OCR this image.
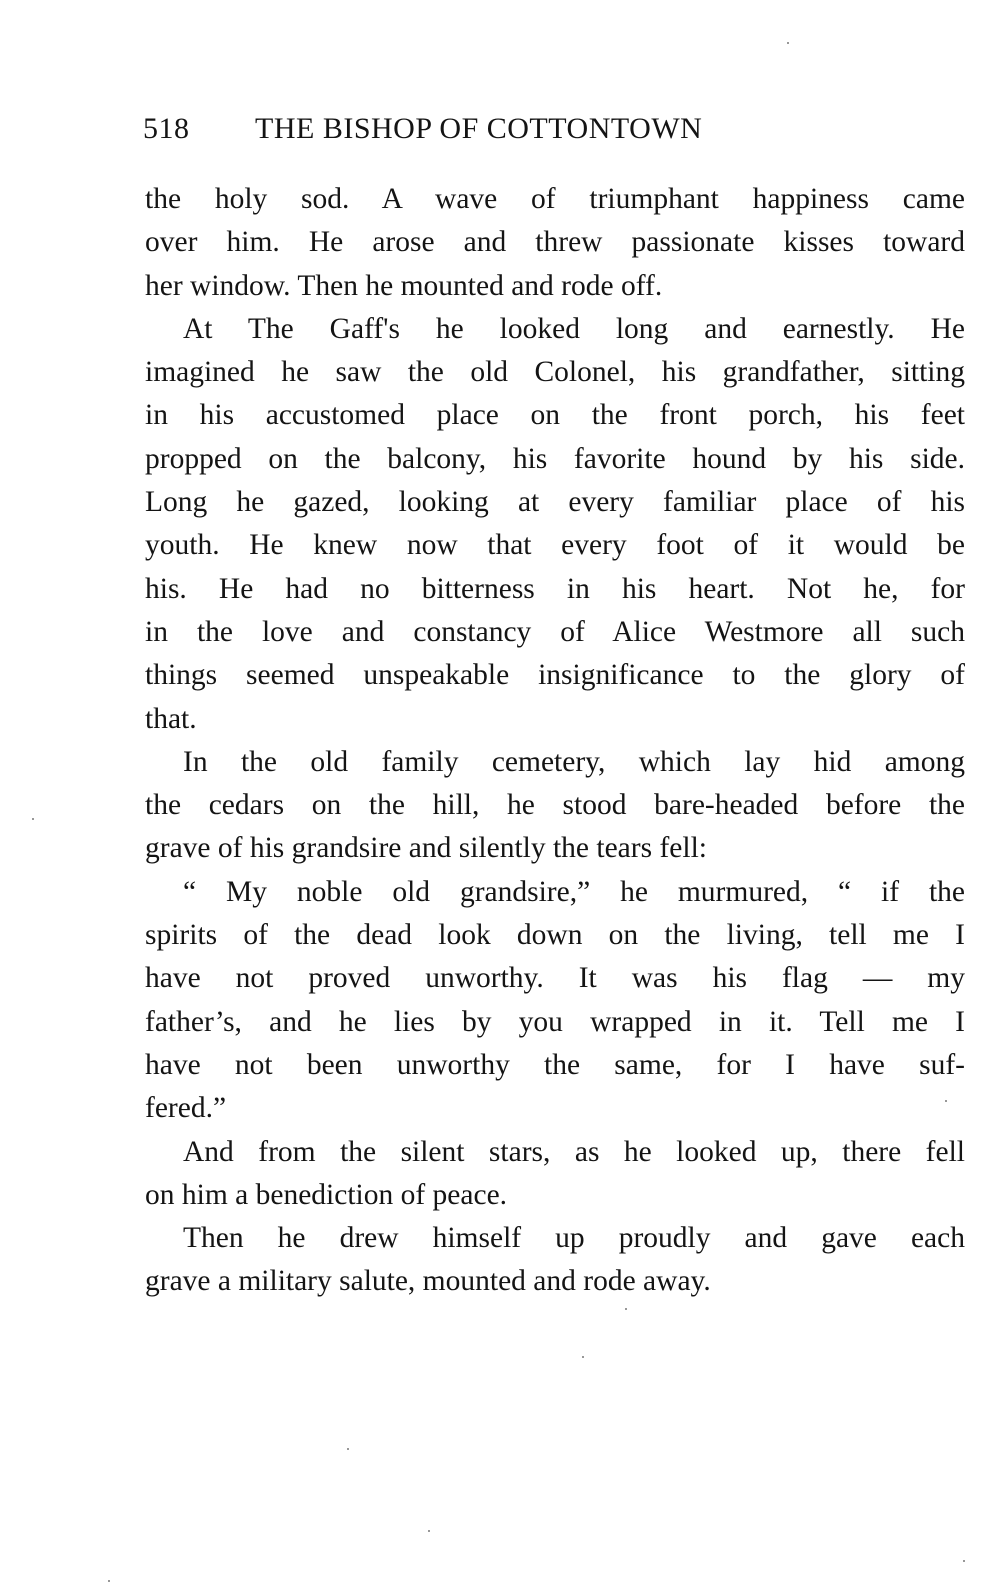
518 THE BISHOP OF COTTONTOWN
the holy sod. A wave of triumphant happiness came
over him. He arose and threw passionate kisses toward
her window. Then he mounted and rode off.
At The Gaff's he looked long and earnestly. He
imagined he saw the old Colonel, his grandfather, sitting
in his accustomed place on the front porch, his feet
propped on the balcony, his favorite hound by his side.
Long he gazed, looking at every familiar place of his
youth. He knew now that every foot of it would be
his. He had no bitterness in his heart. Not he, for
in the love and constancy of Alice Westmore all such
things seemed unspeakable insignificance to the glory of
that.
In the old family cemetery, which lay hid among
the cedars on the hill, he stood bare-headed before the
grave of his grandsire and silently the tears fell:
“ My noble old grandsire,” he murmured, “ if the
spirits of the dead look down on the living, tell me I
have not proved unworthy. It was his flag — my
father’s, and he lies by you wrapped in it. Tell me I
have not been unworthy the same, for I have suf-
fered.”
And from the silent stars, as he looked up, there fell
on him a benediction of peace.
Then he drew himself up proudly and gave each
grave a military salute, mounted and rode away.
